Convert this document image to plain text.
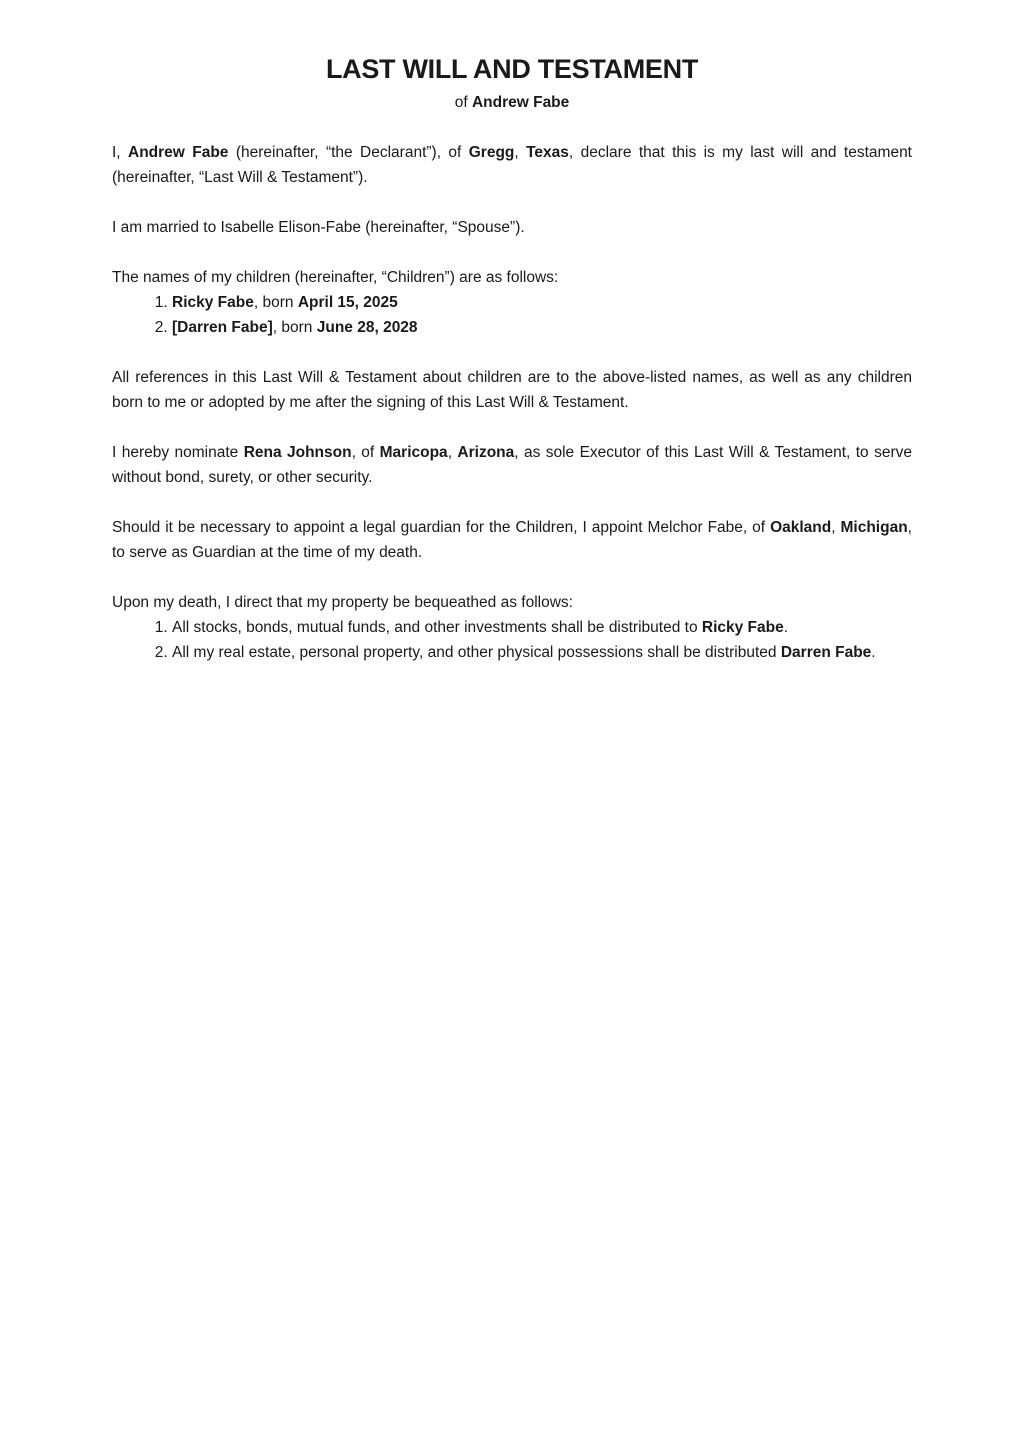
LAST WILL AND TESTAMENT

of Andrew Fabe

I, Andrew Fabe (hereinafter, “the Declarant”), of Gregg, Texas, declare that this is my last will and testament (hereinafter, “Last Will & Testament”).

I am married to Isabelle Elison-Fabe (hereinafter, “Spouse”).

The names of my children (hereinafter, “Children”) are as follows:

1. Ricky Fabe, born April 15, 2025
2. [Darren Fabe], born June 28, 2028

All references in this Last Will & Testament about children are to the above-listed names, as well as any children born to me or adopted by me after the signing of this Last Will & Testament.

I hereby nominate Rena Johnson, of Maricopa, Arizona, as sole Executor of this Last Will & Testament, to serve without bond, surety, or other security.

Should it be necessary to appoint a legal guardian for the Children, I appoint Melchor Fabe, of Oakland, Michigan, to serve as Guardian at the time of my death.

Upon my death, I direct that my property be bequeathed as follows:

1. All stocks, bonds, mutual funds, and other investments shall be distributed to Ricky Fabe.
2. All my real estate, personal property, and other physical possessions shall be distributed Darren Fabe.
